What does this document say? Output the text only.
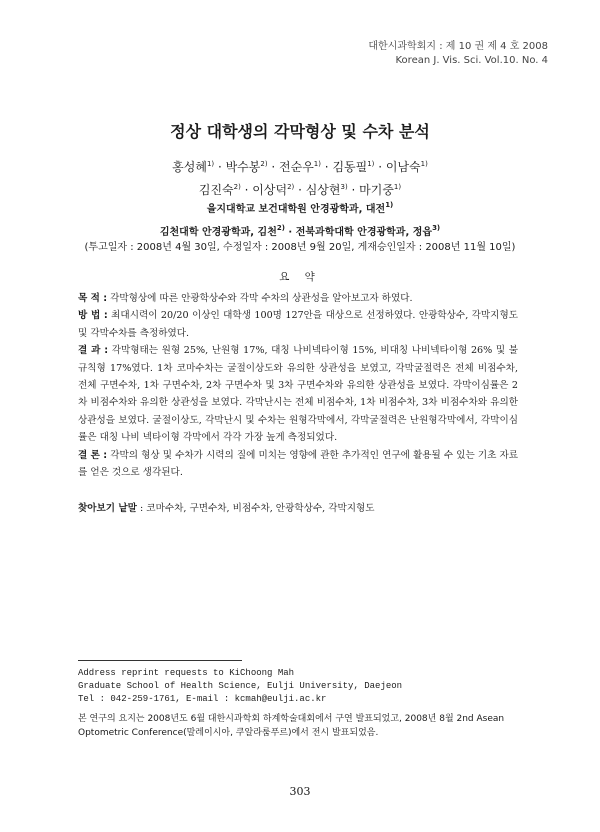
대한시과학회지 : 제 10 권 제 4 호 2008
Korean J. Vis. Sci. Vol.10. No. 4
정상 대학생의 각막형상 및 수차 분석
홍성혜$^{1)}$ · 박수봉$^{2)}$ · 전순우$^{1)}$ · 김동필$^{1)}$ · 이남숙$^{1)}$
김진숙$^{2)}$ · 이상덕$^{2)}$ · 심상현$^{3)}$ · 마기중$^{1)}$
을지대학교 보건대학원 안경광학과, 대전$^{1)}$
김천대학 안경광학과, 김천$^{2)}$ · 전북과학대학 안경광학과, 정읍$^{3)}$
(투고일자 : 2008년 4월 30일, 수정일자 : 2008년 9월 20일, 게재승인일자 : 2008년 11월 10일)
요 약

목 적 : 각막형상에 따른 안광학상수와 각막 수차의 상관성을 알아보고자 하였다.

방 법 : 최대시력이 20/20 이상인 대학생 100명 127안을 대상으로 선정하였다. 안광학상수, 각막지형도 및 각막수차를 측정하였다.

결 과 : 각막형태는 원형 25%, 난원형 17%, 대칭 나비넥타이형 15%, 비대칭 나비넥타이형 26% 및 불규칙형 17%였다. 1차 코마수차는 굴절이상도와 유의한 상관성을 보였고, 각막굴절력은 전체 비점수차, 전체 구면수차, 1차 구면수차, 2차 구면수차 및 3차 구면수차와 유의한 상관성을 보였다. 각막이심률은 2차 비점수차와 유의한 상관성을 보였다. 각막난시는 전체 비점수차, 1차 비점수차, 3차 비점수차와 유의한 상관성을 보였다. 굴절이상도, 각막난시 및 수차는 원형각막에서, 각막굴절력은 난원형각막에서, 각막이심률은 대칭 나비 넥타이형 각막에서 각각 가장 높게 측정되었다.

결 론 : 각막의 형상 및 수차가 시력의 질에 미치는 영향에 관한 추가적인 연구에 활용될 수 있는 기초 자료를 얻은 것으로 생각된다.

찾아보기 낱말 : 코마수차, 구면수차, 비점수차, 안광학상수, 각막지형도
Address reprint requests to KiChoong Mah
Graduate School of Health Science, Eulji University, Daejeon
Tel : 042-259-1761, E-mail : kcmah@eulji.ac.kr
본 연구의 요지는 2008년도 6월 대한시과학회 하계학술대회에서 구연 발표되었고, 2008년 8월 2nd Asean Optometric Conference(말레이시아, 쿠알라룸푸르)에서 전시 발표되었음.
303
